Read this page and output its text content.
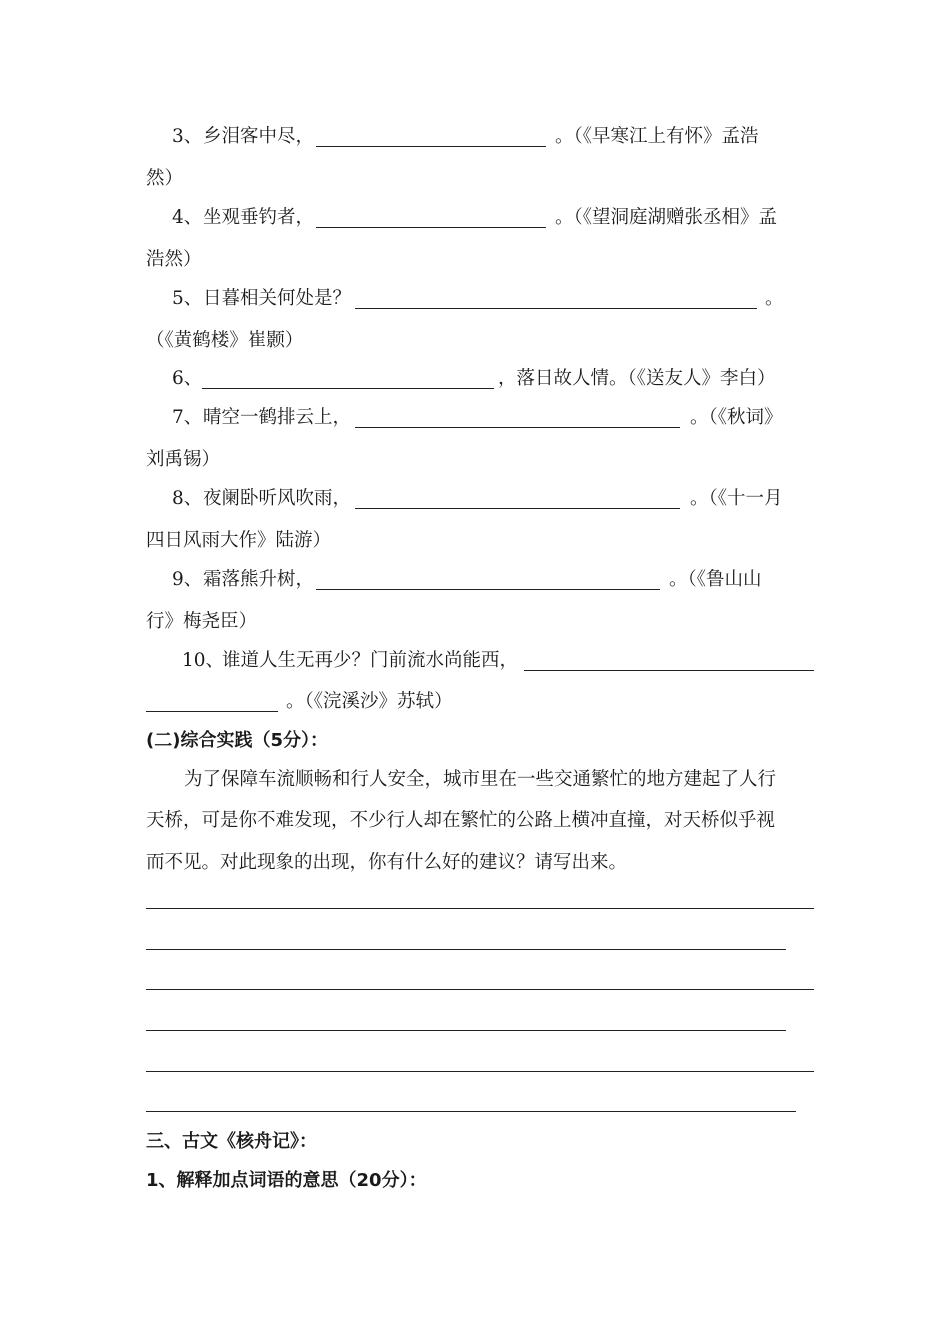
3、 乡泪客中尽，	。（《早寒江上有怀》孟浩
然）
4、 坐观垂钓者，	。（《望洞庭湖赠张丞相》孟
浩然）
5、 日暮相关何处是？	。
（《黄鹤楼》崔颢）
6、	，落日故人情。（《送友人》李白）
7、 晴空一鹤排云上，	。（《秋词》
刘禹锡）
8、 夜阑卧听风吹雨，	。（《十一月
四日风雨大作》陆游）
9、 霜落熊升树，	。（《鲁山山
行》梅尧臣）
10、
谁道人生无再少？门前流水尚能西，
。（《浣溪沙》苏轼）
(二)综合实践（5分）：
为了保障车流顺畅和行人安全，城市里在一些交通繁忙的地方建起了人行
天桥，可是你不难发现，不少行人却在繁忙的公路上横冲直撞，对天桥似乎视
而不见。对此现象的出现，你有什么好的建议？请写出来。
三、古文《核舟记》：
1、解释加点词语的意思（20分）：
